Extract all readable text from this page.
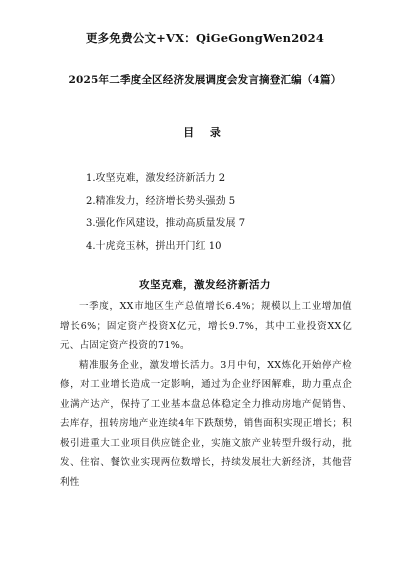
更多免费公文+VX：QiGeGongWen2024
2025年二季度全区经济发展调度会发言摘登汇编（4篇）
目 录
1.攻坚克难，激发经济新活力 2
2.精准发力，经济增长势头强劲 5
3.强化作风建设，推动高质量发展 7
4.十虎竞玉林，拼出开门红 10
攻坚克难，激发经济新活力

一季度，XX市地区生产总值增长6.4%；规模以上工业增加值增长6%；固定资产投资X亿元，增长9.7%，其中工业投资XX亿元、占固定资产投资的71%。

精准服务企业，激发增长活力。3月中旬，XX炼化开始停产检修，对工业增长造成一定影响，通过为企业纾困解难，助力重点企业满产达产，保持了工业基本盘总体稳定全力推动房地产促销售、去库存，扭转房地产业连续4年下跌颓势，销售面积实现正增长；积极引进重大工业项目供应链企业，实施文旅产业转型升级行动，批发、住宿、餐饮业实现两位数增长，持续发展壮大新经济，其他营利性
